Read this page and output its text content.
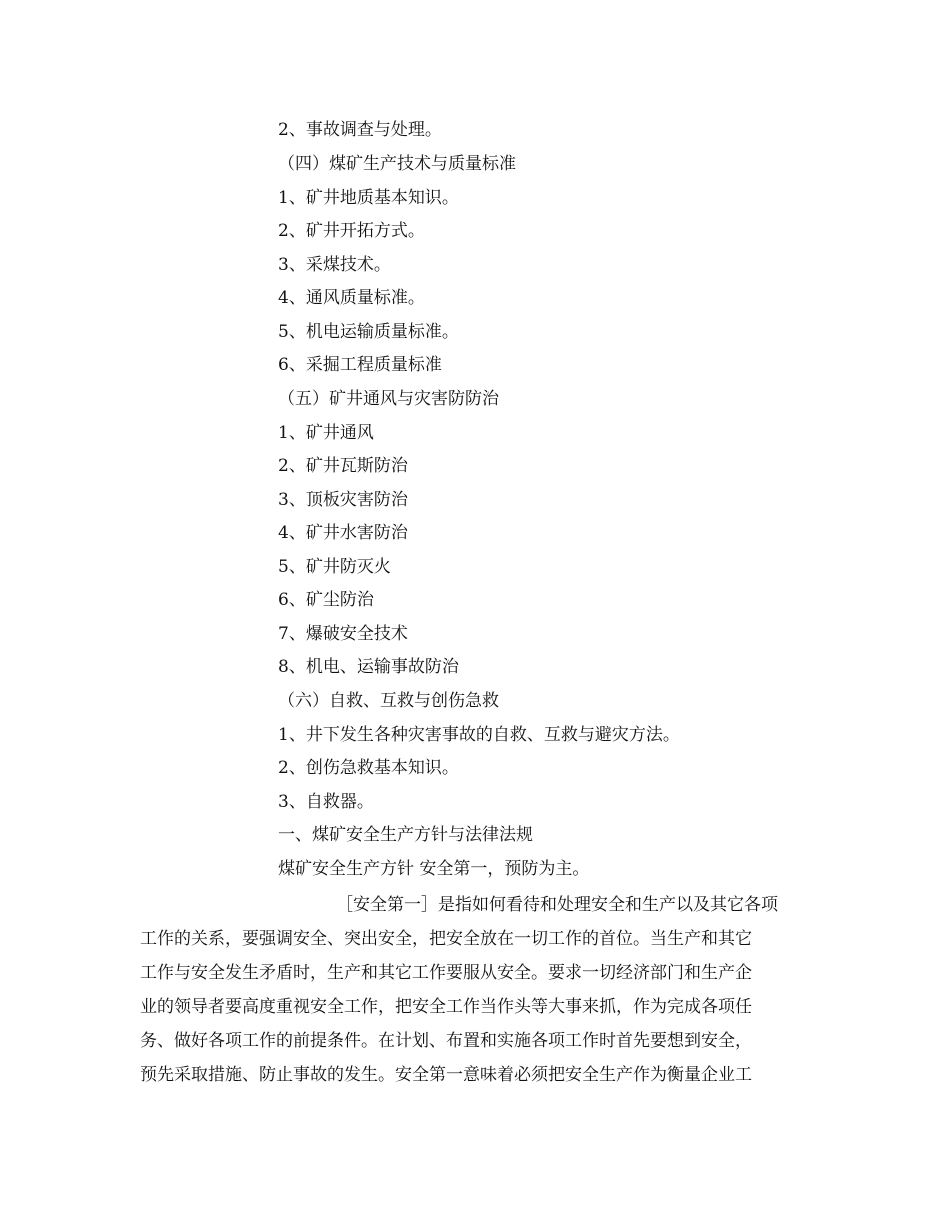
2、事故调查与处理。
（四）煤矿生产技术与质量标准
1、矿井地质基本知识。
2、矿井开拓方式。
3、采煤技术。
4、通风质量标准。
5、机电运输质量标准。
6、采掘工程质量标准
（五）矿井通风与灾害防防治
1、矿井通风
2、矿井瓦斯防治
3、顶板灾害防治
4、矿井水害防治
5、矿井防灭火
6、矿尘防治
7、爆破安全技术
8、机电、运输事故防治
（六）自救、互救与创伤急救
1、井下发生各种灾害事故的自救、互救与避灾方法。
2、创伤急救基本知识。
3、自救器。
一、煤矿安全生产方针与法律法规
煤矿安全生产方针 安全第一，预防为主。
［安全第一］是指如何看待和处理安全和生产以及其它各项
工作的关系，要强调安全、突出安全，把安全放在一切工作的首位。当生产和其它
工作与安全发生矛盾时，生产和其它工作要服从安全。要求一切经济部门和生产企
业的领导者要高度重视安全工作，把安全工作当作头等大事来抓，作为完成各项任
务、做好各项工作的前提条件。在计划、布置和实施各项工作时首先要想到安全，
预先采取措施、防止事故的发生。安全第一意味着必须把安全生产作为衡量企业工
